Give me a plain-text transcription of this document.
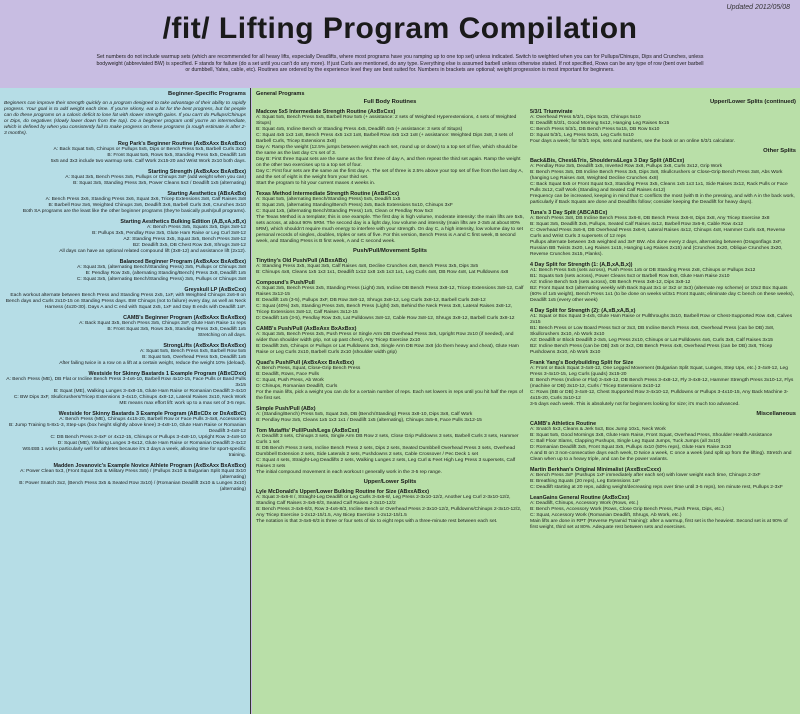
Updated 2012/05/08
/fit/ Lifting Program Compilation
Set numbers do not include warmup sets (which are recommended for all heavy lifts, especially Deadlifts, where most programs have you ramping up to one top set) unless indicated. Switch to weighted when you can for Pullups/Chinups, Dips and Crunches, unless bodyweight (abbreviated BW) is specified. F stands for failure (do a set until you can't do any more). If just Curls are mentioned, do any type. Everything else is assumed barbell unless otherwise stated. If not specified, Rows can be any type of row (bent over barbell or dumbbell, Yates, cable, etc). Routines are ordered by the experience level they are best suited for. Numbers in brackets are optional; weight progression is most important for beginners.
Beginner-Specific Programs
Beginners can improve their strength quickly on a program designed to take advantage of their ability to rapidly progress. Your goal is to add weight each time. If you're skinny, eat a lot for the best progress, but fat people can do these programs on a caloric deficit to lose fat with slower strength gains. If you can't do Pullups/Chinups or Dips, do negatives (slowly lower down from the top). Do a beginner program until you're an intermediate, which is defined by when you consistently fail to make progress on these programs (a rough estimate is after 2-3 months).
Reg Park's Beginner Routine (AxBxAxx BxAxBxx)
A: Back Squat 5x5, Chinups or Pullups 5x5, Dips or Bench Press 5x5, Barbell Curls 3x10
B: Front Squat 5x5, Rows 5x5, Standing Press 5x5, Deadlift 1x5
5x5 and 3x3 include two warmup sets. Calf Work 2x15-20 and Wrist Work 2x10 both days.
Starting Strength (AxBxAxx BxAxBxx)
A: Squat 3x5, Bench Press 3x5, Pullups or Chinups 3xF (add weight when you can)
B: Squat 3x5, Standing Press 3x5, Power Cleans 5x3 / Deadlift 1x5 (alternating)
Starting Aesthetics (ABxAxBx)
A: Bench Press 3x6, Standing Press 3x6, Squat 3x6, Tricep Extensions 3x8, Calf Raises 3x8
B: Barbell Row 3x6, Weighted Chinups 3x6, Deadlift 3x6, Barbell Curls 3x8, Crunches 3x10
Both SA programs are the least like the other beginner programs (they're basically push/pull programs).
Starting Aesthetics Bulking Edition (A,B,xA,xB,x)
A: Bench Press 3x5, Squats 3x5, Dips 3x8-12
B: Pullups 3x5, Pendlay Row 3x5, Glute Ham Raise or Leg Curl 3x8-12
A2: Standing Press 3x5, Squat 3x5, Bench Press 3x8-12
B2: Deadlift 3x5, DB Chest Row 3x8, Shrugs 3x8-12
All days can have an optional related compound lift (3x8-12) and assistance lift (2x12).
Balanced Beginner Program (AxBxAxx BxAxBxx)
A: Squat 3x5, (alternating Bench/Standing Press) 3x5, Pullups or Chinups 3x8
B: Pendlay Row 3x5, (alternating Standing/Bench) Press 3x8, Deadlift 1x5
C: Squat 3x5, (alternating Bench/Standing Press) 3x5, Pullups or Chinups 3x8
Greyskull LP (AxBxCxx)
Each workout alternate between Bench Press and Standing Press 2x5, 1xF, with Weighted Chinups 2x6-8 on Bench days and Curls 2x10-15 on Standing Press days. BW Chinups (not to failure) every day, as well as Neck Harness (4x20-30). Days A and C end with Squat 2x5, 1xF and Day B ends with Deadlift 1xF.
CAMB's Beginner Program (AxBxAxx BxAxBxx)
A: Back Squat 3x5, Bench Press 3x5, Chinups 3xF, Glute Ham Raise 1x reps
B: Front Squat 3x5, Rows 3x5, Standing Press 3x5, Deadlift 1x5
Stretching on all days.
StrongLifts (AxBxAxx BxAxBxx)
A: Squat 5x5, Bench Press 5x5, Barbell Row 5x5
B: Squat 5x5, Overhead Press 5x5, Deadlift 1x5
After failing twice in a row on a lift at a certain weight, reduce the weight 10% (deload).
Westside for Skinny Bastards 1 Example Program (ABxCDxx)
A: Bench Press (ME), DB Flat or Incline Bench Press 3-4x6-10, Barbell Row 4x10-15, Face Pulls or Band Pulls 3x15
B: Squat (ME), Walking Lunges 3-4x8-15, Glute Ham Raise or Romanian Deadlift 3-4x10
C: BW Dips 3xF, Skullcrushers/Tricep Extensions 3-4x10, Chinups 4x8-12, Lateral Raises 3x10, Neck Work
ME means max effort lift: work up to a max set of 3-5 reps.
Westside for Skinny Bastards 3 Example Program (ABxCDx or DxAxBxC)
A: Bench Press (ME), Chinups 4x15-20, Barbell Row or Face Pulls 3-4x8, Accessories
B: Jump Training 5-8x1-3, Step-ups (box height slightly above knee) 3-4x8-10, Glute Ham Raise or Romanian Deadlift 3-4x8-12
C: DB Bench Press 3-4xF or 4x12-15, Chinups or Pullups 3-4x8-10, Upright Row 3-4x8-10
D: Squat (ME), Walking Lunges 3-6x12, Glute Ham Raise or Romanian Deadlift 3-4x12
WS4SB 1 works particularly well for athletes because it's 3 days a week, allowing time for sport-specific training.
Madden Jovanovic's Example Novice Athlete Program (AxBxAxx BxAxBxx)
A: Power Clean 5x3, (Front Squat 3x5 & Military Press 3x5) / (Pullups 3x10 & Bulgarian Split Squat 3x10 (alternating)
B: Power Snatch 3x2, (Bench Press 3x5 & Seated Row 3x10) / (Romanian Deadlift 3x10 & Lunges 3x10) (alternating)
General Programs
Full Body Routines
Madcow 5x5 Intermediate Strength Routine (AxBxCxx)
A: Squat 5x5, Bench Press 5x5, Barbell Row 5x5 (+ assistance: 2 sets of Weighted Hyperextensions, 4 sets of Weighted Situps)
B: Squat 4x5, Incline Bench or Standing Press 4x5, Deadlift 4x5 (+ assistance: 3 sets of Situps)
C: Squat 4x5 1x3 1x8, Bench Press 4x5 1x3 1x8, Barbell Row 4x5 1x3 1x8 (+ assistance: Weighted Dips 3x8, 3 sets of Barbell Curls, Tricep Extensions 3x8)
Day A: Ramp the weight (12.5% jumps between weights each set, round up or down) to a top set of five, which should be the same as the last day C's set of 3.
Day B: First three Squat sets are the same as the first three of day A, and then repeat the third set again. Ramp the weight on the other two exercises up to a top set of four.
Day C: First four sets are the same as the first day A. The set of three is 2.5% above your top set of five from the last day A, and the set of eight is the weight from your third set.
Start the program to hit your current maxes 4 weeks in.
Texas Method Intermediate Strength Routine (AxBxCxx)
A: Squat 5x5, (alternating Bench/Standing Press) 5x5, Deadlift 1x5
B: Squat 2x5, (alternating Standing/Bench Press) 3x5, Back Extensions 5x10, Chinups 3xF
C: Squat 1x5, (alternating Bench/Standing Press) 1x5, Clean or Pendlay Row 5x3
The Texas Method is a template; this is one example. The first day is high volume, moderate intensity: the main lifts are 5x5, sets across, at about 90% 5RM. The second day is a light day, low volume and intensity (main lifts are 2-3x5 at about 80% 5RM), which shouldn't require much energy to interfere with your strength. On day C, a high intensity, low volume day to set personal records of singles, doubles, triples or sets of five. For this version, Bench Press is A and C first week, B second week, and Standing Press is B first week, A and C second week.
Push/Pull/Movement Splits
Tinytiny's Old Push/Pull (ABxxABx)
A: Standing Press 3x5, Squat 3x5, Calf Raises 4x8, Decline Crunches 4x8, Bench Press 3x5, Dips 3x5
B: Chinups 4x8, Cleans 1x5 1x3 1x1, Deadlift 1x12 1x8 1x5 1x3 1x1, Leg Curls 4x8, DB Row 4x8, Lat Pulldowns 4x8
Compound's Push/Pull
A: Squat 3x5, Bench Press 3x5, Standing Press (Light) 3x5, Incline DB Bench Press 3x8-12, Tricep Extensions 3x8-12, Calf Raises 3x12-15
B: Deadlift 1x5 (3-5), Pullups 3xF, DB Row 3x8-12, Shrugs 3x8-12, Leg Curls 3x8-12, Barbell Curls 3x8-12
C: Squat (40%) 3x5, Standing Press 3x5, Bench Press (Light) 3x5, Behind the Neck Press 3x8, Lateral Raises 3x8-12, Tricep Extensions 3x8-12, Calf Raises 3x12-15
D: Deadlift 1x5 (3-5), Pendlay Row 3x5, Lat Pulldowns 3x8-12, Cable Row 3x8-12, Shrugs 3x8-12, Barbell Curls 3x8-12
CAMB's Push/Pull (AxBxAxx BxAxBxx)
A: Squat 3x5, Bench Press 3x5, Push Press or Single Arm DB Overhead Press 3x5, Upright Row 2x10 (if needed), and wider than shoulder width grip, not up past chest), Any Tricep Exercise 2x10
B: Deadlift 3x5, Chinups or Pullups or Lat Pulldowns 3x5, Single Arm DB Row 3x8 (do them heavy and cheat), Glute Ham Raise or Leg Curls 2x10, Barbell Curls 2x10 (shoulder width grip)
Quad's Push/Pull (AxBxAxx BxAxBxx)
A: Bench Press, Squat, Close-Grip Bench Press
B: Deadlift, Rows, Face Pulls
C: Squat, Push Press, Ab Work
D: Chinups, Romanian Deadlift, Curls
For the main lifts, pick a weight you can do for a certain number of reps. Each set lowers in reps until you hit half the reps of the first set.
Simple Push/Pull (ABx)
A: (Standing/Bench) Press 5x5, Squat 3x5, DB (Bench/Standing) Press 3x8-10, Dips 3x8, Calf Work
B: Pendlay Row 3x5, Cleans 1x5 1x3 1x1 / Deadlift 1x5 (alternating), Chinups 3x5-8, Face Pulls 3x12-15
Tom Mutaffis' Pull/Push/Legs (AxBxCxx)
A: Deadlift 3 sets, Chinups 3 sets, Single Arm DB Row 2 sets, Close Grip Pulldowns 3 sets, Barbell Curls 3 sets, Hammer Curls 1 set
B: DB Bench Press 3 sets, Incline Bench Press 2 sets, Dips 2 sets, Seated Dumbbell Overhead Press 3 sets, Overhead Dumbbell Extension 2 sets, Side Laterals 2 sets, Pushdowns 2 sets, Cable Crossover / Pec Deck 1 set
C: Squat 4 sets, Straight-Leg Deadlifts 2 sets, Walking Lunges 2 sets, Leg Curl & Feet High Leg Press 3 supersets, Calf Raises 3 sets
The initial compound movement in each workout I generally work in the 3-5 rep range.
Upper/Lower Splits
Lyle McDonald's Upper/Lower Bulking Routine for Size (ABxxABxx)
A: Squat 3-4x6-8 /, Straight-Leg Deadlift or Leg Curls 3-4x6-8/, Leg Press 2-3x10-12/2, Another Leg Curl 2-3x10-12/2, Standing Calf Raises 3-4x6-8/3, Seated Calf Raises 2-3x10-12/2
B: Bench Press 3-4x6-8/3, Row 3-4x6-8/3, Incline Bench or Overhead Press 2-3x10-12/2, Pulldowns/Chinups 2-3x10-12/2, Any Tricep Exercise 1-2x12-15/1.5, Any Bicep Exercise 1-2x12-15/1.5
The notation is that 3-4x6-8/3 is three or four sets of six to eight reps with a three-minute rest between each set.
Upper/Lower Splits (continued)
5/3/1 Triumvirate
A: Overhead Press 5/3/1, Dips 5x15, Chinups 5x10
B: Deadlift 5/3/1, Good Morning 5x12, Hanging Leg Raises 5x15
C: Bench Press 5/3/1, DB Bench Press 5x15, DB Row 5x10
D: Squat 5/3/1, Leg Press 5x15, Leg Curls 5x10
Four days a week; for 5/3/1 reps, sets and numbers, see the book or an online 5/3/1 calculator.
Other Splits
Back&Bis, Chest&Tris, Shoulders&Legs 3 Day Split (ABCxx)
A: Pendlay Row 3x5, Deadlift 1x5, Inverted Row 3x8, Pullups 3x8, Curls 3x12, Grip Work
B: Bench Press 3x5, DB Incline Bench Press 3x5, Dips 3x8, Skullcrushers or Close-Grip Bench Press 3x8, Abs Work (hanging Leg Raises 4x8, Weighted Decline Crunches 4x8)
C: Back Squat 5x5 or Front Squat 5x3, Standing Press 3x5, Cleans 1x5 1x3 1x1, Side Raises 3x12, Rack Pulls or Face Pulls 3x12, Calf Work (Standing and Seated Calf Raises 4x12)
Frequency can be increased, keeping in mind that C conflicts the most (with B in the pressing, and with A in the back work, particularly if Back Squats are done and Deadlifts follow; consider keeping the Deadlift for heavy days).
Tuna's 3 Day Split (ABCABCx)
A: Bench Press 3x8, DB Incline Bench Press 3x6-8, DB Bench Press 3x6-8, Dips 3x8, Any Tricep Exercise 3x8
B: Squat 3x5, Deadlift 3x5, Pullups, Seated Calf Raises 4x12, Barbell Row 3x6-8, Cable Row 4x12
C: Overhead Press 3x6-8, DB Overhead Press 3x6-8, Lateral Raises 4x12, Chinups 4x8, Hammer Curls 4x8, Reverse Curls and Wrist Curls 3 supersets of 12 reps
Pullups alternate between 3x5 weighted and 3xF BW. Abs done every 2 days, alternating between (Dragonflags 3xF, Russian BB Twists 3x20, Leg Raises 1x15, Hanging Leg Raises 2x15) and (Crunches 3x20, Oblique Crunches 3x20, Reverse Crunches 3x15, Planks).
4 Day Split for Strength (1: (A,B,xA,B,x))
A1: Bench Press 5x5 (sets across), Push Press 1x5 or DB Standing Press 2x8, Chinups or Pullups 3x12
B1: Squats 5x5 (sets across), Power Cleans 5x3 or Barbell Row 5x8, Glute Ham Raise 2x10
A2: Incline Bench 5x5 (sets across), DB Bench Press 3x8-12, Dips 3x8-12
B2: Front Squat 5x3 (alternating weekly with Back Squat 3x1 or 3x2 or 3x3) (alternate rep scheme) or 10x2 Box Squats (60% of 1x5 weight), Bench Press 1x1 (to be done on weeks w/3x1 Front Squats; eliminate day C bench on these weeks), Deadlift 1x5 (every other week)
4 Day Split for Strength (2): (A,xB,xA,B,x)
A1: Squat or Box Squat 3-4x5, Glute Ham Raise or Pullthroughs 3x10, Barbell Row or Chest-Supported Row 4x8, Calves 2x15
B1: Bench Press or Low Board Press 5x3 or 3x3, DB Incline Bench Press 4x8, Overhead Press (can be DB) 3x8, Skullcrushers 3x10, Ab Work 3x10
A2: Deadlift or Block Deadlift 2-3x5, Leg Press 2x10, Chinups or Lat Pulldowns 4x6, Curls 3x8, Calf Raises 3x15
B2: Incline Bench Press (can be DB) 3x5 or 3x3, DB Bench Press 4x8, Overhead Press (can be DB) 3x8, Tricep Pushdowns 3x10, Ab Work 3x10
Frank Yang's Bodybuilding Split for Size
A: Front or Back Squat 3-4x8-12, One Legged Movement (Bulgarian Split Squat, Lunges, Step Ups, etc.) 3-4x8-12, Leg Press 3-4x10-15, Leg Curls (quads) 3x15-20
B: Bench Press (Incline or Flat) 3-4x8-12, DB Bench Press 3-4x8-12, Fly 3-4x8-12, Hammer Strength Press 3x10-12, Flys (machine or DB) 3x10-12, Curls / Tricep Extensions 3x10-12
C: Rows (BB or DB) 3-4x8-12, Chest Supported Row 3-4x10-12, Pulldowns or Pullups 3-4x10-15, Any Back Machine 3-4x15-20, Curls 3x10-12
3-5 days each week. This is absolutely not for beginners looking for size; it's much too advanced.
Miscellaneous
CAMB's Athletics Routine
A: Snatch 5x3, Cleans & Jerk 5x3, Box Jump 10x1, Neck Work
B: Squat 5x5, Good Mornings 3x8, Glute Ham Raise, Front Squat, Overhead Press, Shoulder Health Assistance
C: Ball Floor Slams, Clapping Pushups, Single Leg Squat Jumps, Tuck Jumps (all 3x10)
D: Romanian Deadlift 3x5, Front Squat 3x5, Pullups 4x10 (50% reps), Glute Ham Raise 3x10
A and B on 3 non-consecutive days each week, D twice a week, C once a week (and split up from the lifting). Stretch and Clean when up to a heavy triple, and can be the power variants.
Martin Berkhan's Original Minimalist (AxxBxxCxxx)
A: Bench Press 3xF (Pushups 1xF immediately after each set) with lower weight each time, Chinups 2-3xF
B: Breathing Squats (20 reps), Leg Extensions 1xF
C: Deadlift starting at 20 reps, adding weight/decreasing reps over time until 3-5 reps), ten minute rest, Pullups 2-3xF
LeanGains General Routine (AxBxCxx)
A: Deadlift, Chinups, Accessory Work (Rows, etc.)
B: Bench Press, Accessory Work (Rows, Close Grip Bench Press, Push Press, Dips, etc.)
C: Squat, Accessory Work (Romanian Deadlift, Shrugs, Ab Work, etc.)
Main lifts are done in RPT (Reverse Pyramid Training): after a warmup, first set is the heaviest. Second set is at 90% of first weight, third set at 80%. Adequate rest between sets and exercises.
